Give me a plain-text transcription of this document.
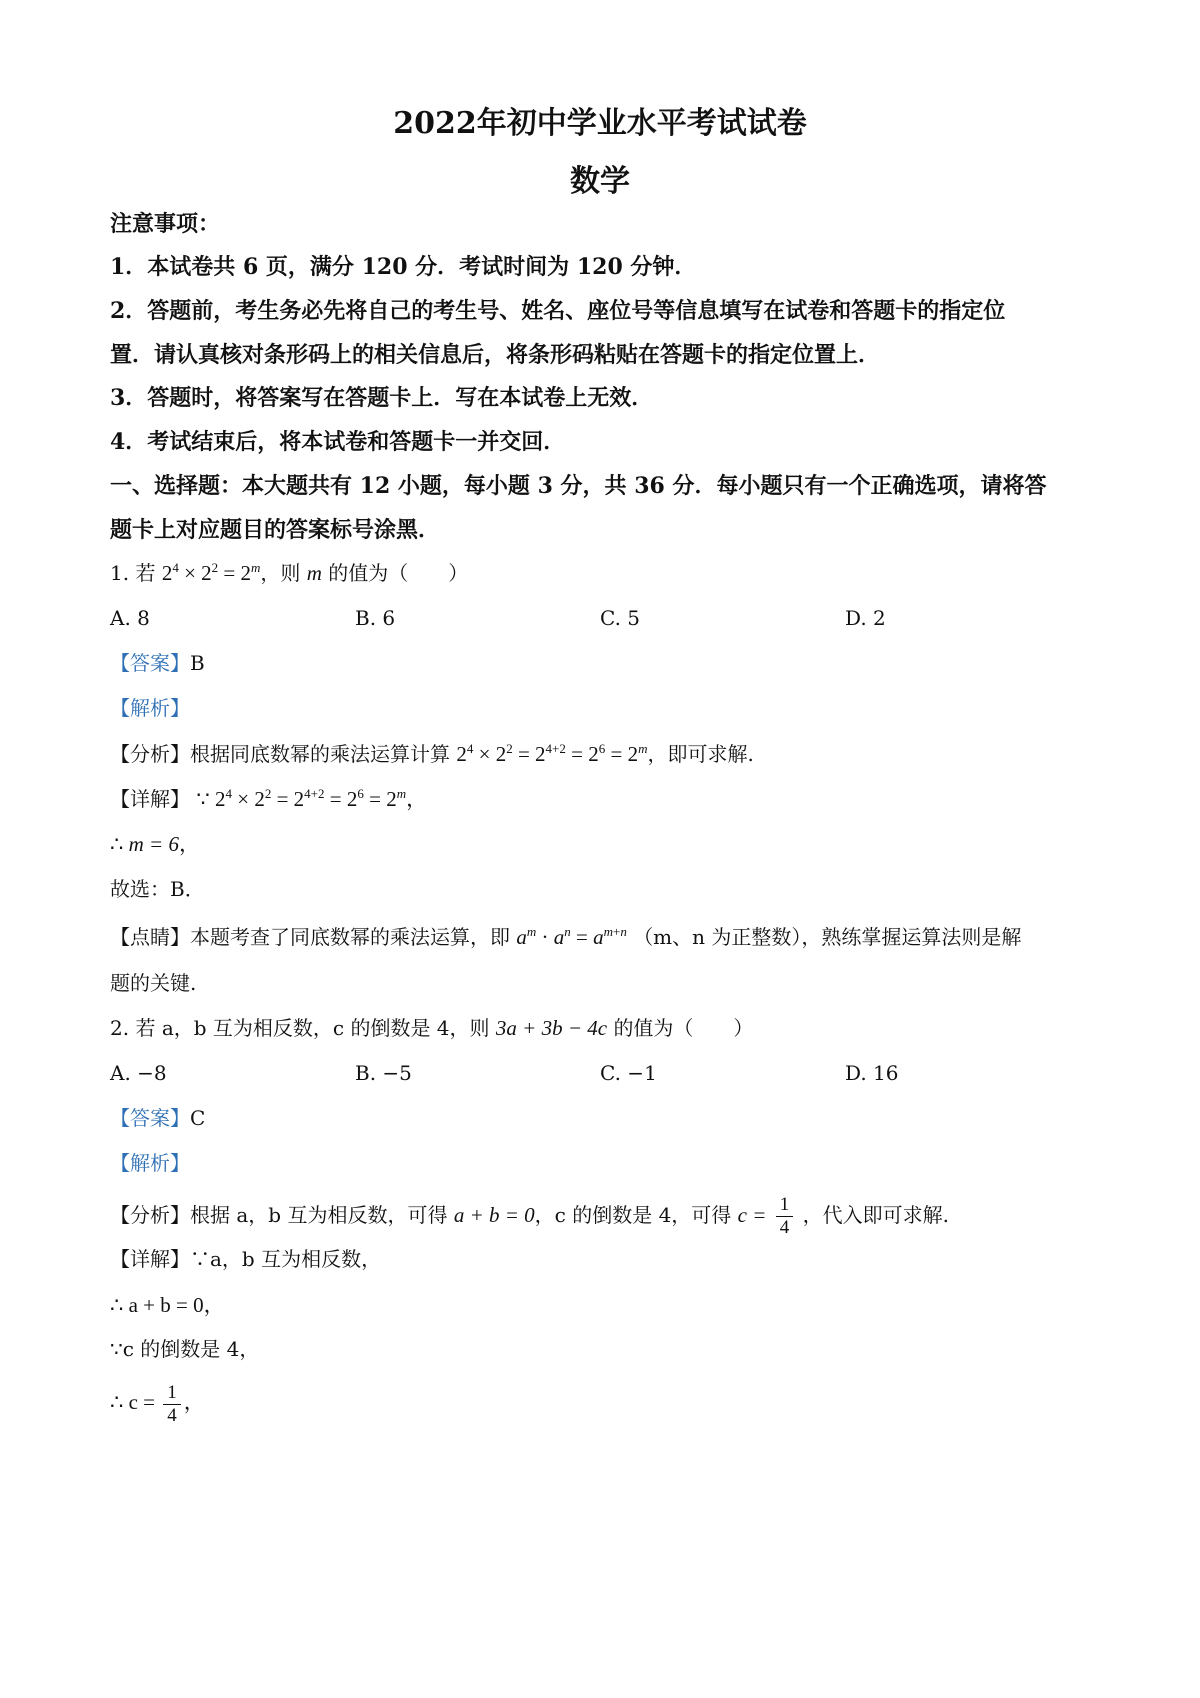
2022年初中学业水平考试试卷
数学
注意事项：
1．本试卷共 6 页，满分 120 分．考试时间为 120 分钟．
2．答题前，考生务必先将自己的考生号、姓名、座位号等信息填写在试卷和答题卡的指定位
置．请认真核对条形码上的相关信息后，将条形码粘贴在答题卡的指定位置上．
3．答题时，将答案写在答题卡上．写在本试卷上无效．
4．考试结束后，将本试卷和答题卡一并交回．
一、选择题：本大题共有 12 小题，每小题 3 分，共 36 分．每小题只有一个正确选项，请将答
题卡上对应题目的答案标号涂黑．
1. 若 $2^4 \times 2^2 = 2^m$，则 m 的值为（　　）
A. 8	B. 6	C. 5	D. 2
【答案】B
【解析】
【分析】根据同底数幂的乘法运算计算 $2^4 \times 2^2 = 2^{4+2} = 2^6 = 2^m$，即可求解.
【详解】 ∵ $2^4 \times 2^2 = 2^{4+2} = 2^6 = 2^m$，
∴ m = 6，
故选：B．
【点睛】本题考查了同底数幂的乘法运算，即 $a^m \cdot a^n = a^{m+n}$ （m、n 为正整数），熟练掌握运算法则是解
题的关键.
2. 若 a，b 互为相反数，c 的倒数是 4，则 3a + 3b − 4c 的值为（　　）
A. −8	B. −5	C. −1	D. 16
【答案】C
【解析】
【分析】根据 a，b 互为相反数，可得 a + b = 0，c 的倒数是 4，可得 $c = \frac{1}{4}$ ，代入即可求解.
【详解】∵a，b 互为相反数，
∴ a + b = 0，
∵c 的倒数是 4，
∴ $c = \frac{1}{4}$ ，
